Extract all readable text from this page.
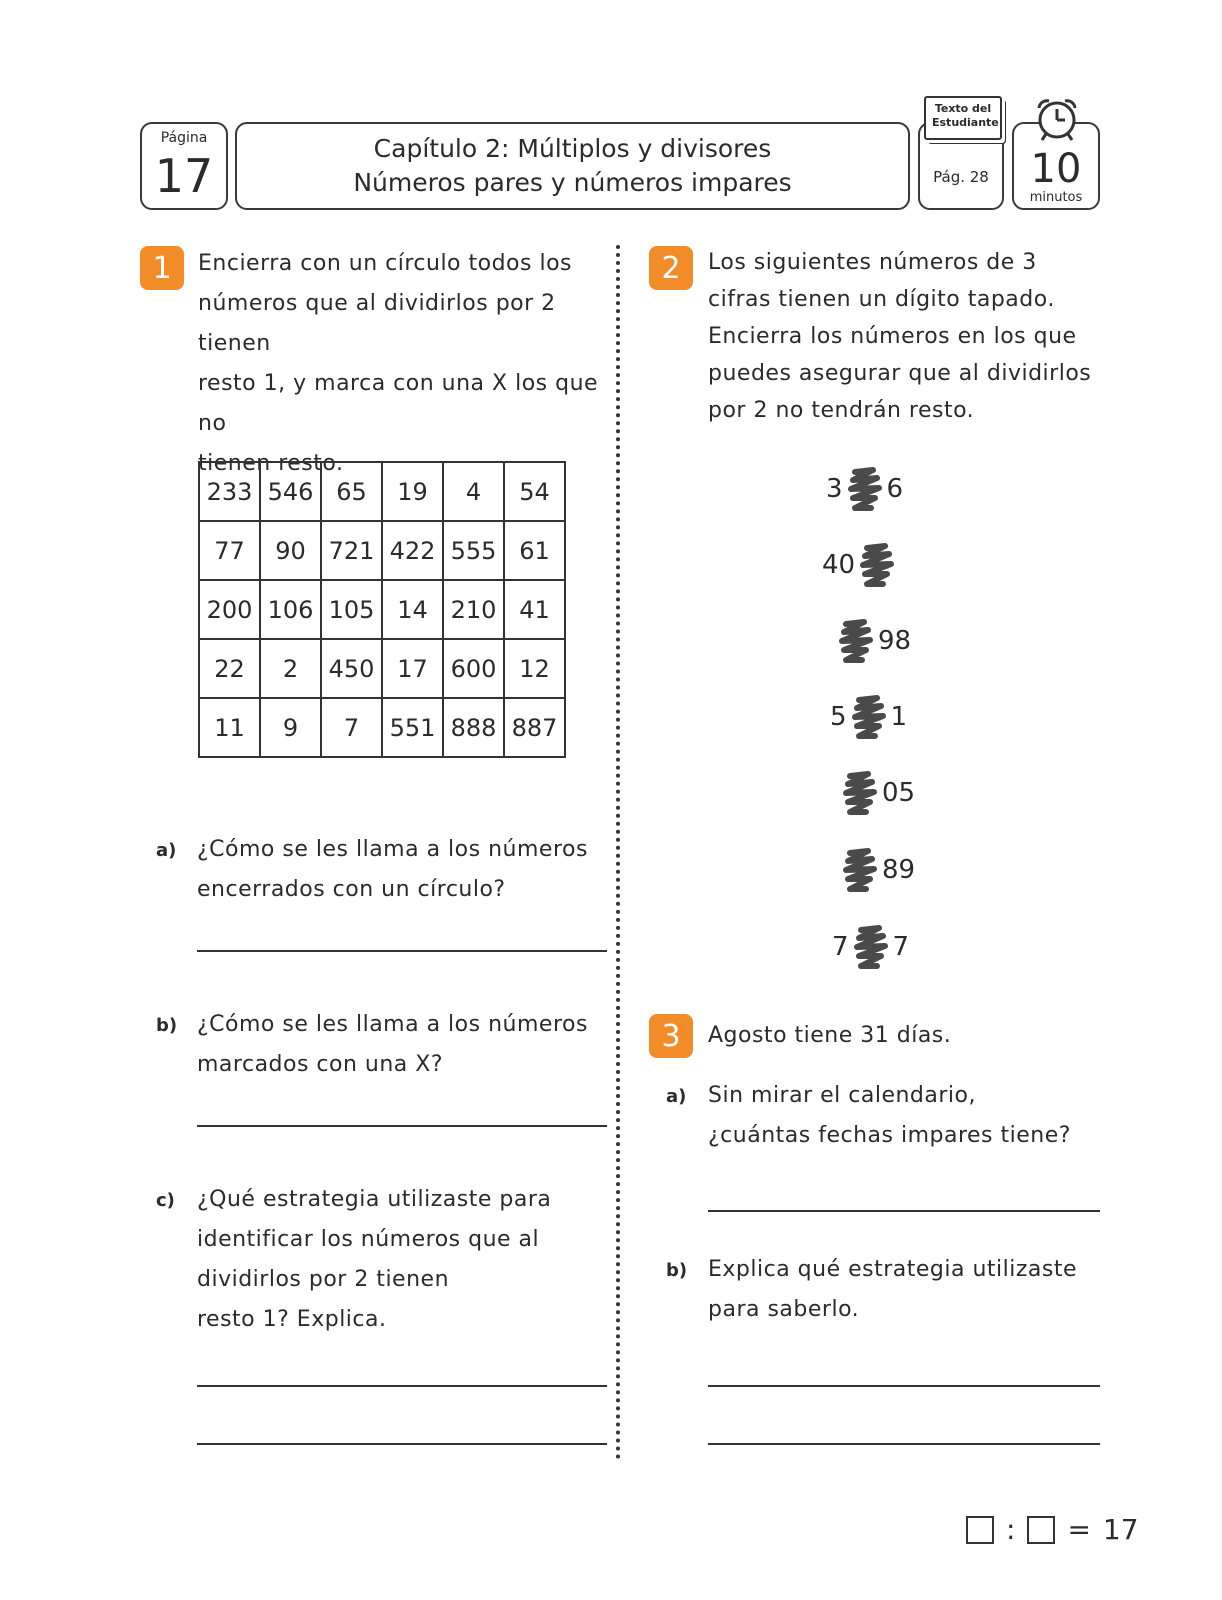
Página
17
Capítulo 2: Múltiplos y divisores
Números pares y números impares	Pág. 28
Texto del Estudiante
10
minutos
1	Encierra con un círculo todos los
números que al dividirlos por 2 tienen
resto 1, y marca con una X los que no
tienen resto.
233	546	65	19	4	54
77	90	721	422	555	61
200	106	105	14	210	41
22	2	450	17	600	12
11	9	7	551	888	887
a) ¿Cómo se les llama a los números
encerrados con un círculo?
b) ¿Cómo se les llama a los números
marcados con una X?
c) ¿Qué estrategia utilizaste para
identificar los números que al
dividirlos por 2 tienen
resto 1? Explica.
2	Los siguientes números de 3
cifras tienen un dígito tapado.
Encierra los números en los que
puedes asegurar que al dividirlos
por 2 no tendrán resto.
3 6
40
98
5 1
05
89
7 7
3	Agosto tiene 31 días.
a) Sin mirar el calendario,
¿cuántas fechas impares tiene?
b) Explica qué estrategia utilizaste
para saberlo.
: = 17
